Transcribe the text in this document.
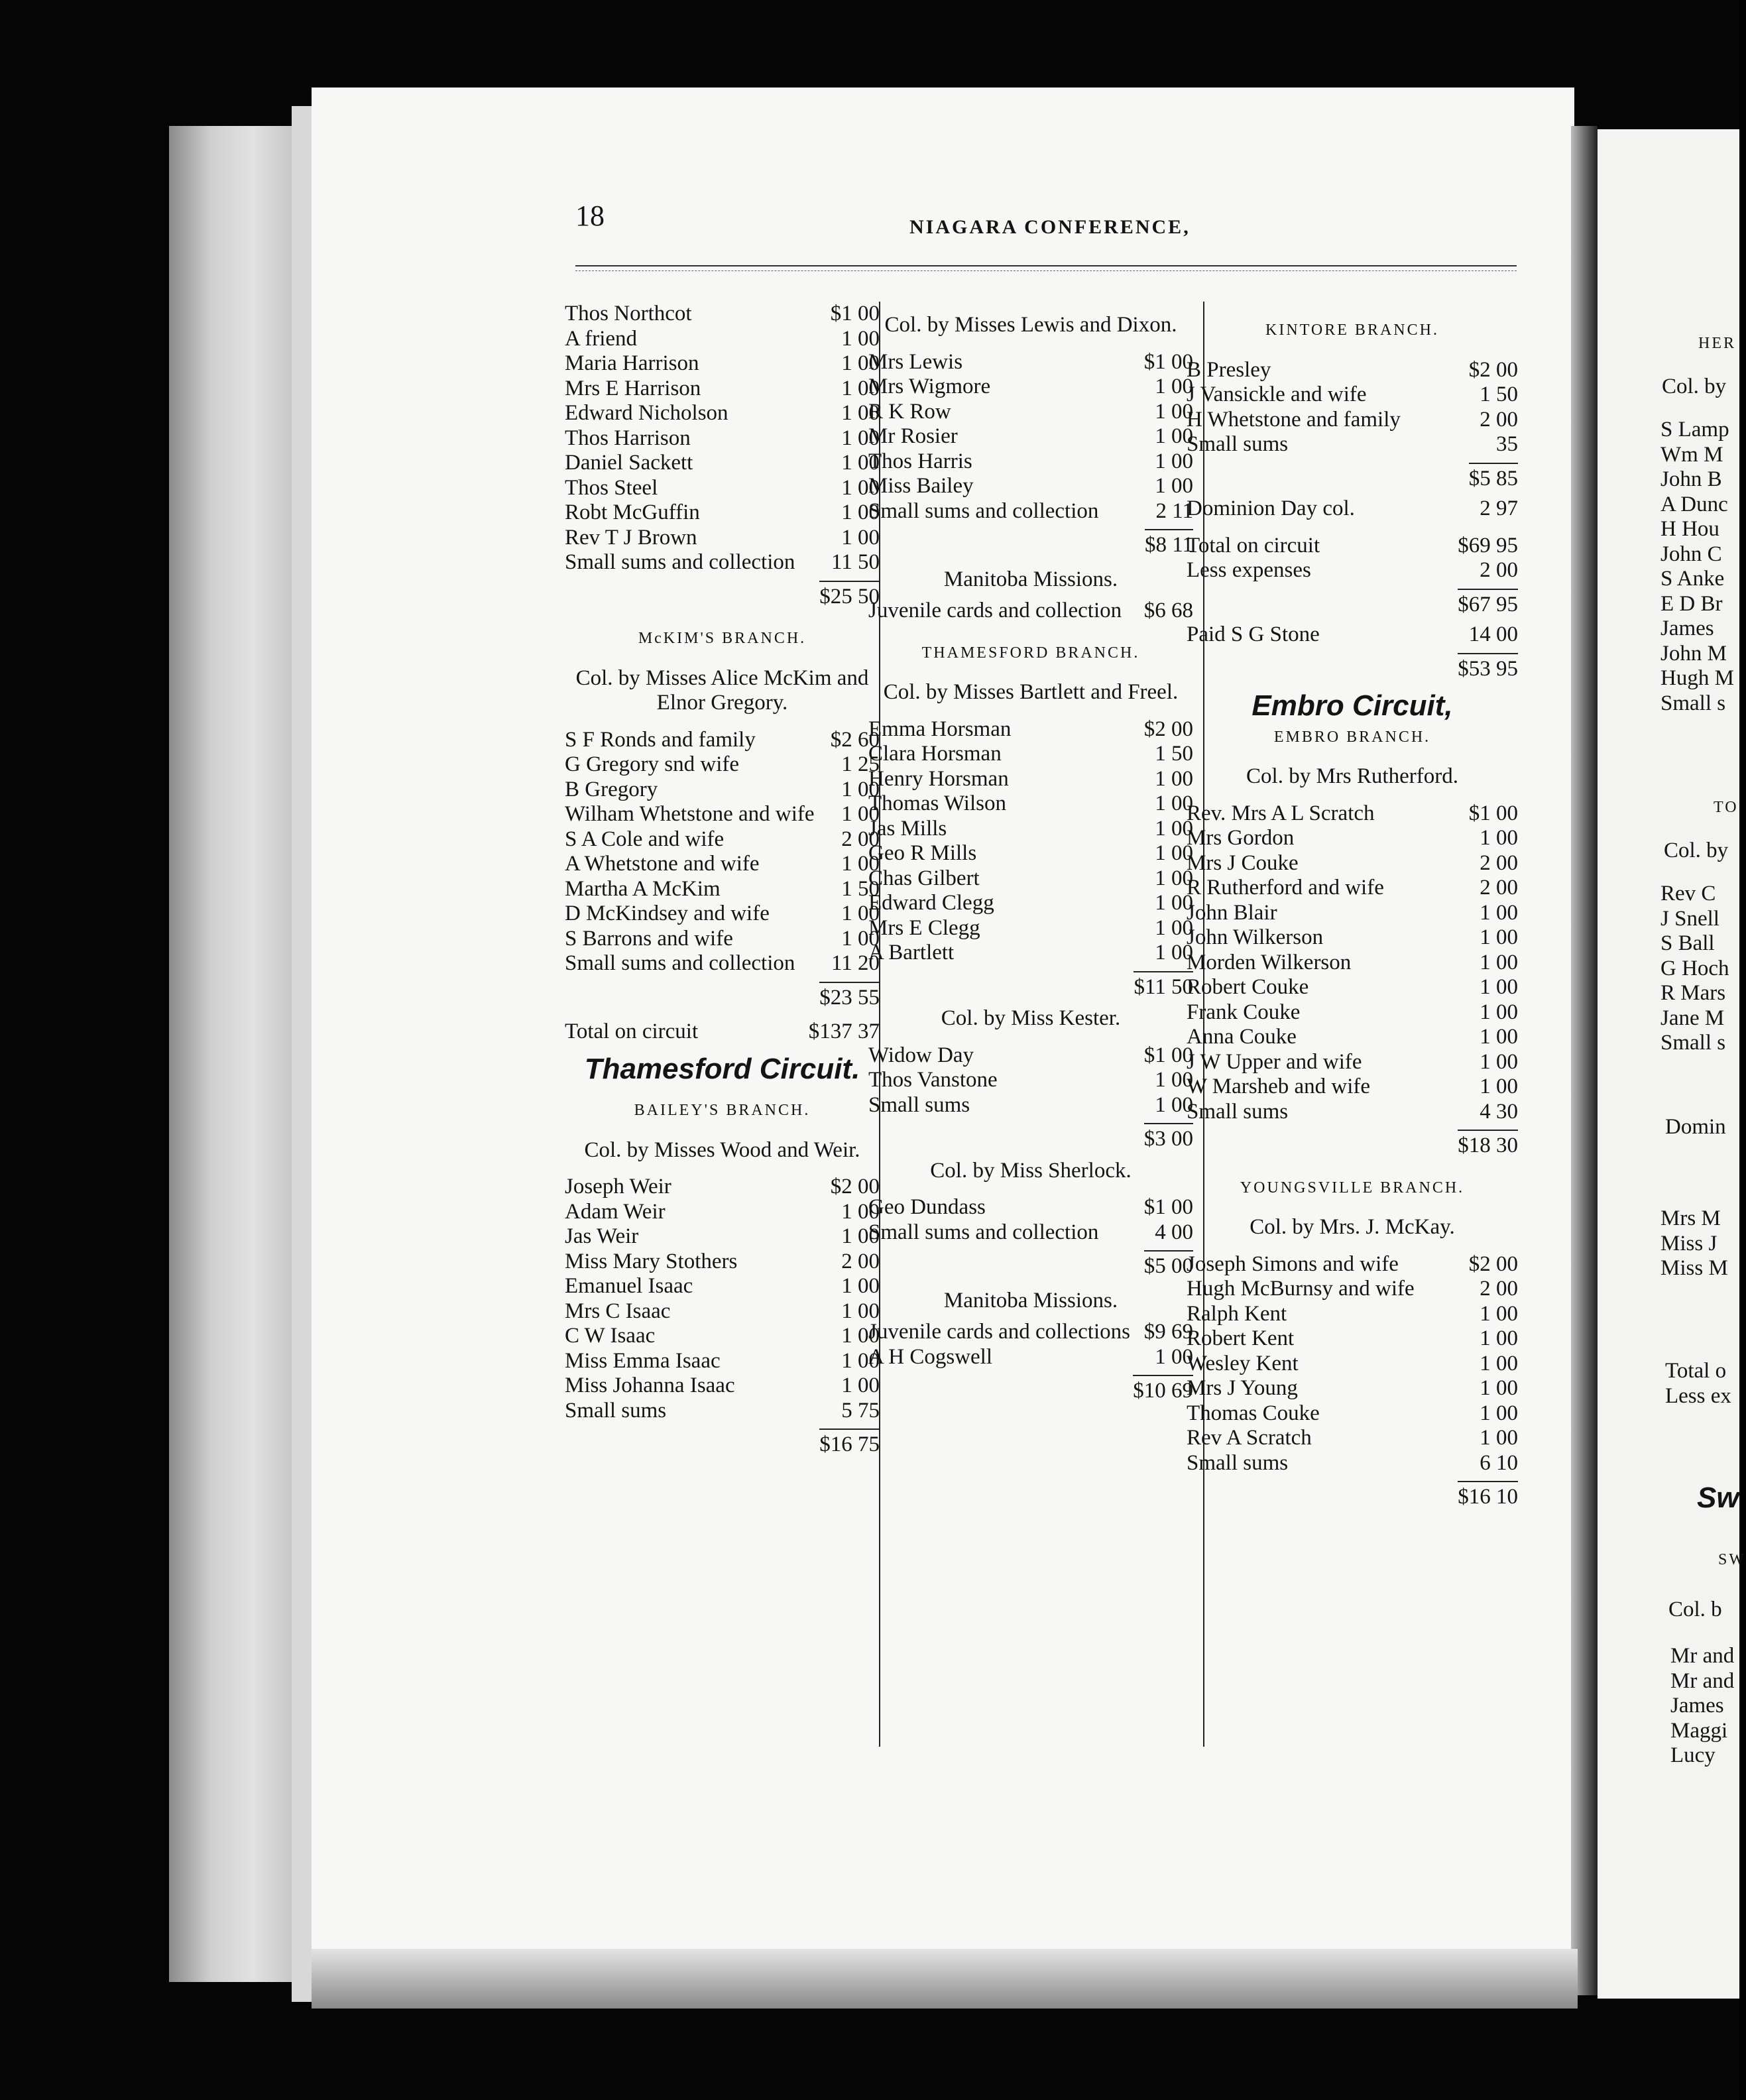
18	NIAGARA CONFERENCE,
Thos Northcot	$1 00
A friend	1 00
Maria Harrison	1 00
Mrs E Harrison	1 00
Edward Nicholson	1 00
Thos Harrison	1 00
Daniel Sackett	1 00
Thos Steel	1 00
Robt McGuffin	1 00
Rev T J Brown	1 00
Small sums and collection	11 50
$25 50
McKIM'S BRANCH.
Col. by Misses Alice McKim and Elnor Gregory.
S F Ronds and family	$2 60
G Gregory snd wife	1 25
B Gregory	1 00
Wilham Whetstone and wife	1 00
S A Cole and wife	2 00
A Whetstone and wife	1 00
Martha A McKim	1 50
D McKindsey and wife	1 00
S Barrons and wife	1 00
Small sums and collection	11 20
$23 55
Total on circuit	$137 37
Thamesford Circuit.
BAILEY'S BRANCH.
Col. by Misses Wood and Weir.
Joseph Weir	$2 00
Adam Weir	1 00
Jas Weir	1 00
Miss Mary Stothers	2 00
Emanuel Isaac	1 00
Mrs C Isaac	1 00
C W Isaac	1 00
Miss Emma Isaac	1 00
Miss Johanna Isaac	1 00
Small sums	5 75
$16 75
Col. by Misses Lewis and Dixon.
Mrs Lewis	$1 00
Mrs Wigmore	1 00
R K Row	1 00
Mr Rosier	1 00
Thos Harris	1 00
Miss Bailey	1 00
Small sums and collection	2 11
$8 11
Manitoba Missions.
Juvenile cards and collection	$6 68
THAMESFORD BRANCH.
Col. by Misses Bartlett and Freel.
Emma Horsman	$2 00
Clara Horsman	1 50
Henry Horsman	1 00
Thomas Wilson	1 00
Jas Mills	1 00
Geo R Mills	1 00
Chas Gilbert	1 00
Edward Clegg	1 00
Mrs E Clegg	1 00
A Bartlett	1 00
$11 50
Col. by Miss Kester.
Widow Day	$1 00
Thos Vanstone	1 00
Small sums	1 00
$3 00
Col. by Miss Sherlock.
Geo Dundass	$1 00
Small sums and collection	4 00
$5 00
Manitoba Missions.
Juvenile cards and collections $9 69
A H Cogswell	1 00
$10 69
KINTORE BRANCH.
B Presley	$2 00
J Vansickle and wife	1 50
H Whetstone and family	2 00
Small sums	35
$5 85
Dominion Day col.	2 97
Total on circuit	$69 95
Less expenses	2 00
$67 95
Paid S G Stone	14 00
$53 95
Embro Circuit,
EMBRO BRANCH.
Col. by Mrs Rutherford.
Rev. Mrs A L Scratch	$1 00
Mrs Gordon	1 00
Mrs J Couke	2 00
R Rutherford and wife	2 00
John Blair	1 00
John Wilkerson	1 00
Morden Wilkerson	1 00
Robert Couke	1 00
Frank Couke	1 00
Anna Couke	1 00
J W Upper and wife	1 00
W Marsheb and wife	1 00
Small sums	4 30
$18 30
YOUNGSVILLE BRANCH.
Col. by Mrs. J. McKay.
Joseph Simons and wife	$2 00
Hugh McBurnsy and wife	2 00
Ralph Kent	1 00
Robert Kent	1 00
Wesley Kent	1 00
Mrs J Young	1 00
Thomas Couke	1 00
Rev A Scratch	1 00
Small sums	6 10
$16 10
HER
Col. by
S Lamp
Wm M
John B
A Dunc
H Hou
John C
S Anke
E D Br
James
John M
Hugh M
Small s
TO
Col. by
Rev C
J Snell
S Ball
G Hoch
R Mars
Jane M
Small s
Domin
Mrs M
Miss J
Miss M
Total o
Less ex
Sw
SW
Col. b
Mr and
Mr and
James
Maggi
Lucy
